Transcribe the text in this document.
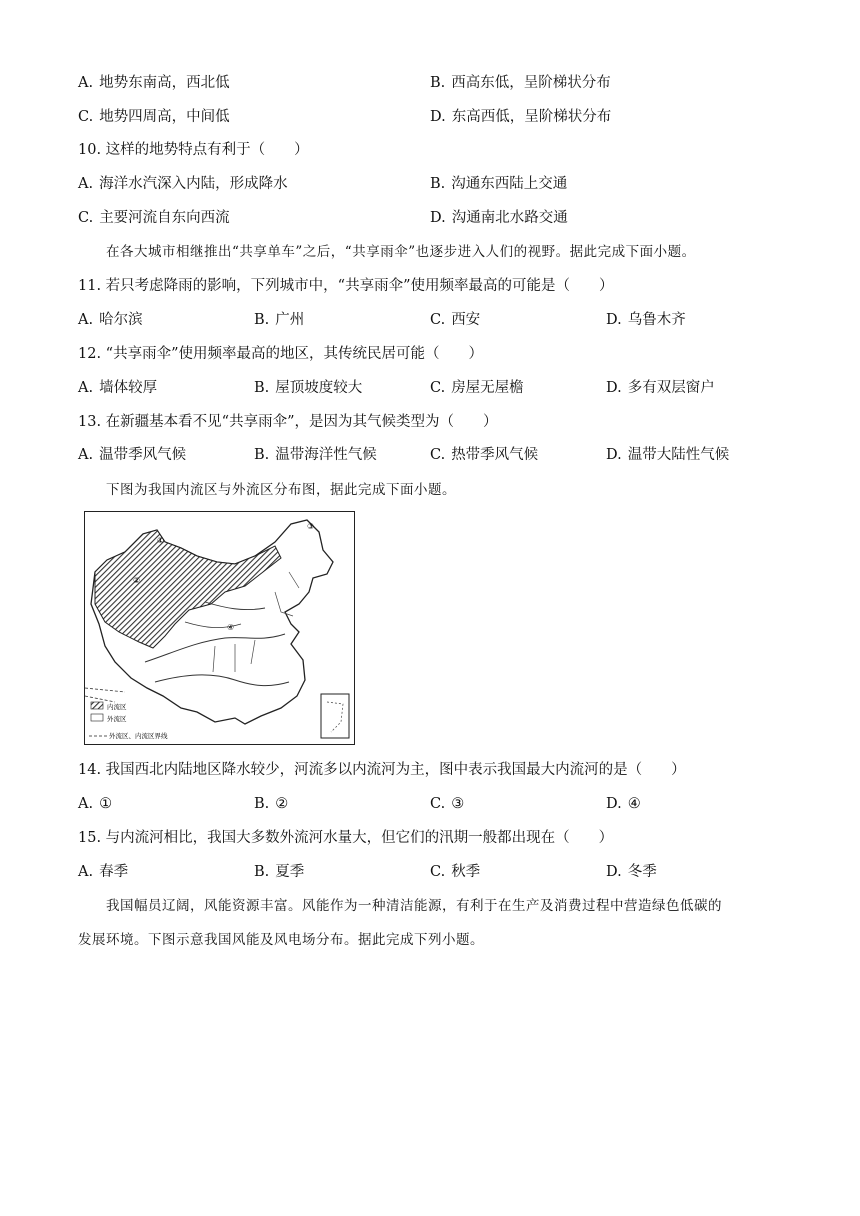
A. 地势东南高，西北低	B. 西高东低，呈阶梯状分布
C. 地势四周高，中间低	D. 东高西低，呈阶梯状分布
10. 这样的地势特点有利于（　　）
A. 海洋水汽深入内陆，形成降水	B. 沟通东西陆上交通
C. 主要河流自东向西流	D. 沟通南北水路交通
在各大城市相继推出“共享单车”之后，“共享雨伞”也逐步进入人们的视野。据此完成下面小题。
11. 若只考虑降雨的影响，下列城市中，“共享雨伞”使用频率最高的可能是（　　）
A. 哈尔滨	B. 广州	C. 西安	D. 乌鲁木齐
12. “共享雨伞”使用频率最高的地区，其传统民居可能（　　）
A. 墙体较厚	B. 屋顶坡度较大	C. 房屋无屋檐	D. 多有双层窗户
13. 在新疆基本看不见“共享雨伞”，是因为其气候类型为（　　）
A. 温带季风气候	B. 温带海洋性气候	C. 热带季风气候	D. 温带大陆性气候
下图为我国内流区与外流区分布图，据此完成下面小题。
①
②
③
④
内流区
外流区
外流区、内流区界线
14. 我国西北内陆地区降水较少，河流多以内流河为主，图中表示我国最大内流河的是（　　）
A. ①	B. ②	C. ③	D. ④
15. 与内流河相比，我国大多数外流河水量大，但它们的汛期一般都出现在（　　）
A. 春季	B. 夏季	C. 秋季	D. 冬季
我国幅员辽阔，风能资源丰富。风能作为一种清洁能源，有利于在生产及消费过程中营造绿色低碳的
发展环境。下图示意我国风能及风电场分布。据此完成下列小题。
